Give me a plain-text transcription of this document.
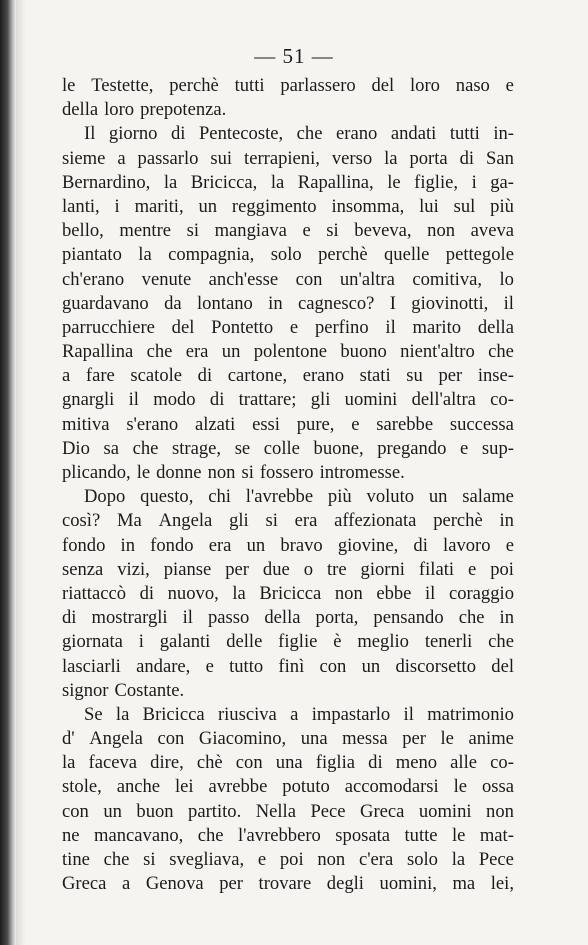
— 51 —
le Testette, perchè tutti parlassero del loro naso e
della loro prepotenza.
Il giorno di Pentecoste, che erano andati tutti in-
sieme a passarlo sui terrapieni, verso la porta di San
Bernardino, la Bricicca, la Rapallina, le figlie, i ga-
lanti, i mariti, un reggimento insomma, lui sul più
bello, mentre si mangiava e si beveva, non aveva
piantato la compagnia, solo perchè quelle pettegole
ch'erano venute anch'esse con un'altra comitiva, lo
guardavano da lontano in cagnesco? I giovinotti, il
parrucchiere del Pontetto e perfino il marito della
Rapallina che era un polentone buono nient'altro che
a fare scatole di cartone, erano stati su per inse-
gnargli il modo di trattare; gli uomini dell'altra co-
mitiva s'erano alzati essi pure, e sarebbe successa
Dio sa che strage, se colle buone, pregando e sup-
plicando, le donne non si fossero intromesse.
Dopo questo, chi l'avrebbe più voluto un salame
così? Ma Angela gli si era affezionata perchè in
fondo in fondo era un bravo giovine, di lavoro e
senza vizi, pianse per due o tre giorni filati e poi
riattaccò di nuovo, la Bricicca non ebbe il coraggio
di mostrargli il passo della porta, pensando che in
giornata i galanti delle figlie è meglio tenerli che
lasciarli andare, e tutto finì con un discorsetto del
signor Costante.
Se la Bricicca riusciva a impastarlo il matrimonio
d' Angela con Giacomino, una messa per le anime
la faceva dire, chè con una figlia di meno alle co-
stole, anche lei avrebbe potuto accomodarsi le ossa
con un buon partito. Nella Pece Greca uomini non
ne mancavano, che l'avrebbero sposata tutte le mat-
tine che si svegliava, e poi non c'era solo la Pece
Greca a Genova per trovare degli uomini, ma lei,
